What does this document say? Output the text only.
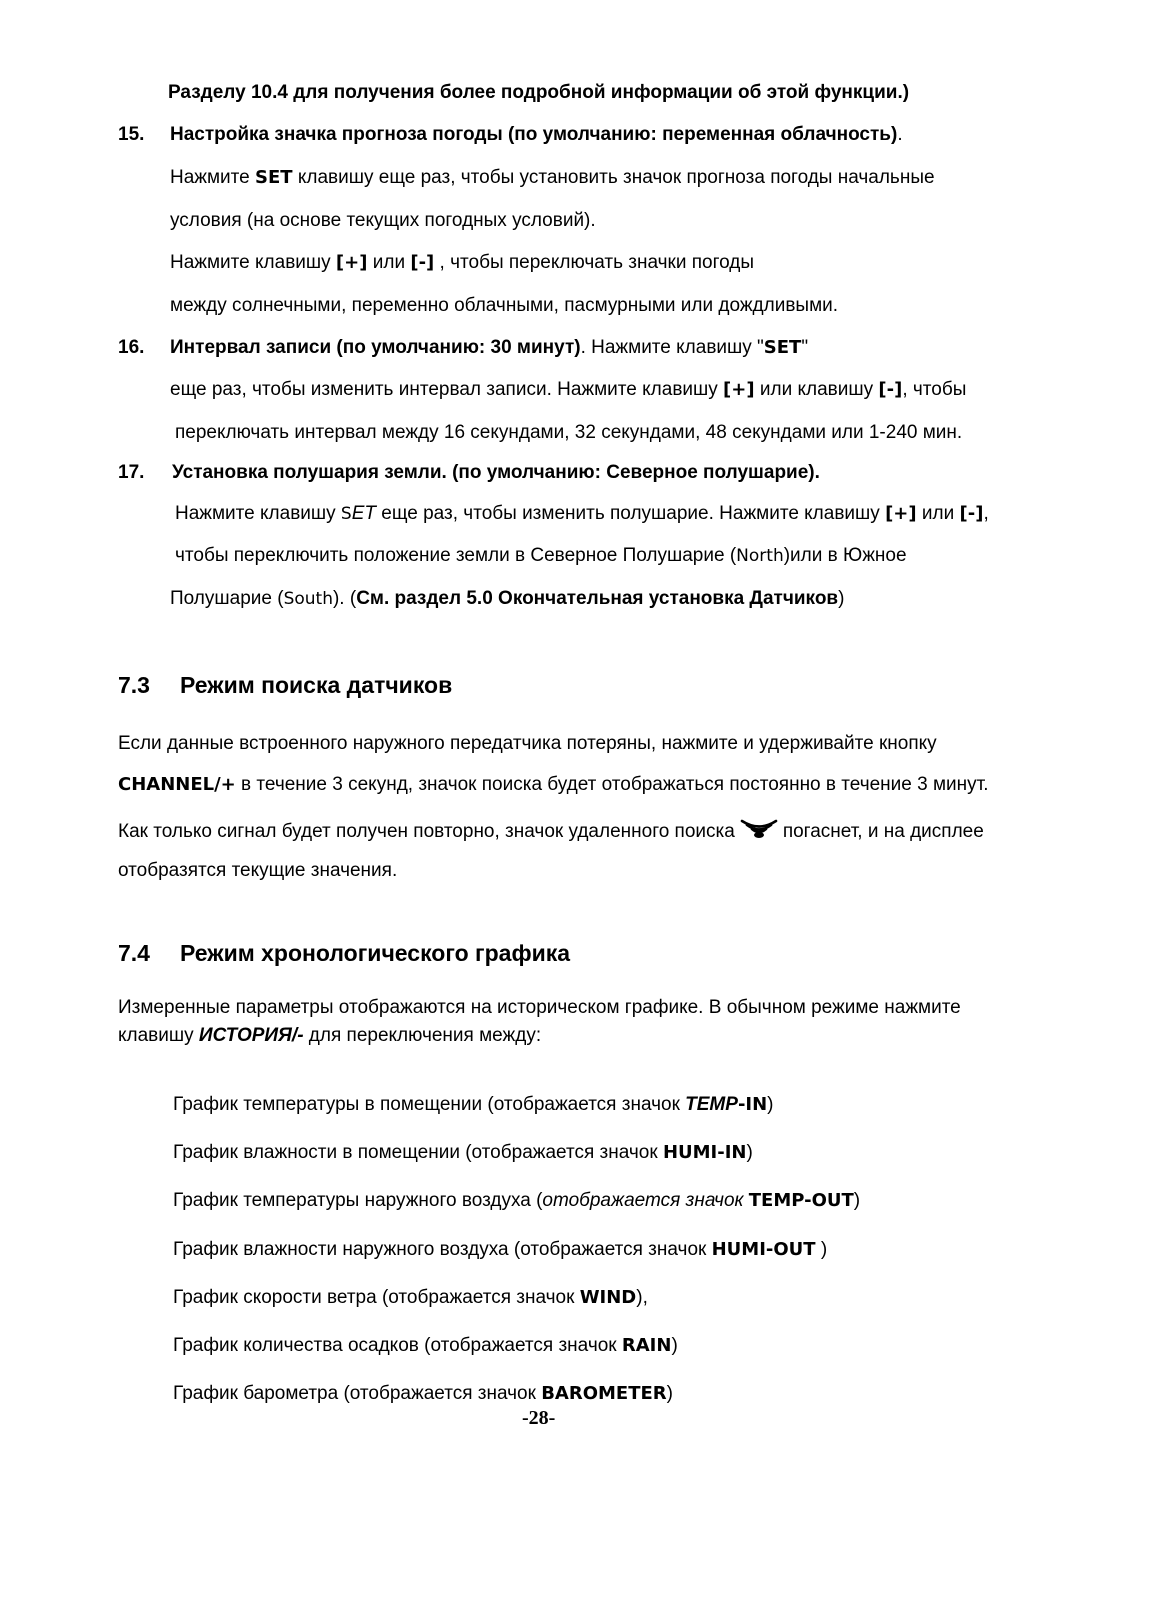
Разделу 10.4 для получения более подробной информации об этой функции.)
15. Настройка значка прогноза погоды (по умолчанию: переменная облачность).
Нажмите SET клавишу еще раз, чтобы установить значок прогноза погоды начальные
условия (на основе текущих погодных условий).
Нажмите клавишу [+] или [-] , чтобы переключать значки погоды
между солнечными, переменно облачными, пасмурными или дождливыми.
16. Интервал записи (по умолчанию: 30 минут). Нажмите клавишу "SET"
еще раз, чтобы изменить интервал записи. Нажмите клавишу [+] или клавишу [-], чтобы
переключать интервал между 16 секундами, 32 секундами, 48 секундами или 1-240 мин.
17. Установка полушария земли. (по умолчанию: Северное полушарие).
Нажмите клавишу SET еще раз, чтобы изменить полушарие. Нажмите клавишу [+] или [-],
чтобы переключить положение земли в Северное Полушарие (North)или в Южное
Полушарие (South). (См. раздел 5.0 Окончательная установка Датчиков)
7.3 Режим поиска датчиков
Если данные встроенного наружного передатчика потеряны, нажмите и удерживайте кнопку
CHANNEL/+ в течение 3 секунд, значок поиска будет отображаться постоянно в течение 3 минут.
Как только сигнал будет получен повторно, значок удаленного поиска	погаснет, и на дисплее
отобразятся текущие значения.
7.4 Режим хронологического графика
Измеренные параметры отображаются на историческом графике. В обычном режиме нажмите
клавишу ИСТОРИЯ/- для переключения между:
График температуры в помещении (отображается значок TEMP-IN)
График влажности в помещении (отображается значок HUMI-IN)
График температуры наружного воздуха (отображается значок TEMP-OUT)
График влажности наружного воздуха (отображается значок HUMI-OUT )
График скорости ветра (отображается значок WIND),
График количества осадков (отображается значок RAIN)
График барометра (отображается значок BAROMETER)
-28-
